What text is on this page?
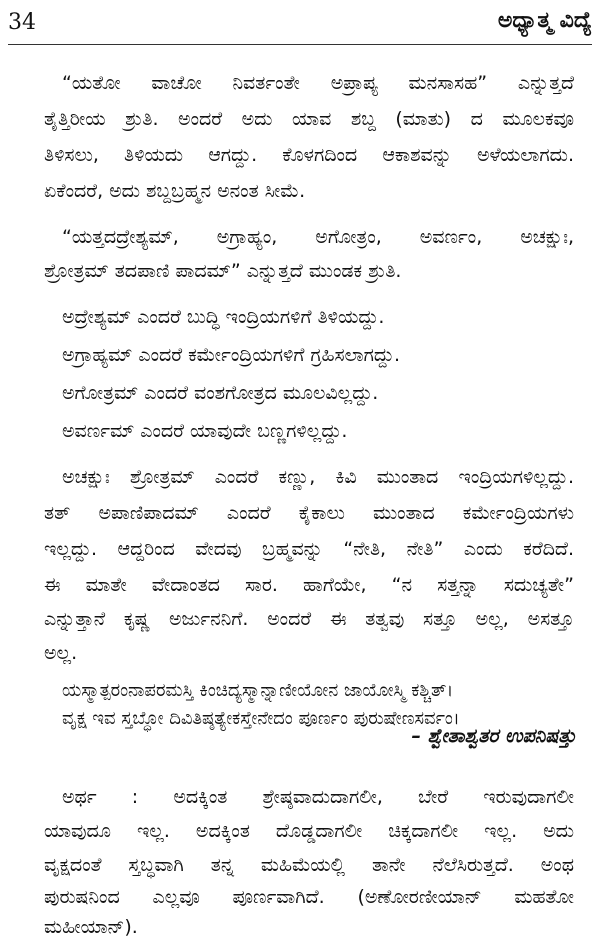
34	ಅಧ್ಯಾತ್ಮ ವಿದ್ಯೆ
“ಯತೋ ವಾಚೋ ನಿವರ್ತಂತೇ ಅಪ್ರಾಪ್ಯ ಮನಸಾಸಹ” ಎನ್ನುತ್ತದೆ
ತೈತ್ತಿರೀಯ ಶ್ರುತಿ. ಅಂದರೆ ಅದು ಯಾವ ಶಬ್ದ (ಮಾತು) ದ ಮೂಲಕವೂ
ತಿಳಿಸಲು, ತಿಳಿಯದು ಆಗದ್ದು. ಕೊಳಗದಿಂದ ಆಕಾಶವನ್ನು ಅಳೆಯಲಾಗದು.
ಏಕೆಂದರೆ, ಅದು ಶಬ್ದಬ್ರಹ್ಮನ ಅನಂತ ಸೀಮೆ.
“ಯತ್ತದದ್ರೇಶ್ಯಮ್, ಅಗ್ರಾಹ್ಯಂ, ಅಗೋತ್ರಂ, ಅವರ್ಣಂ, ಅಚಕ್ಷುಃ,
ಶ್ರೋತ್ರಮ್ ತದಪಾಣಿ ಪಾದಮ್” ಎನ್ನುತ್ತದೆ ಮುಂಡಕ ಶ್ರುತಿ.
ಅದ್ರೇಶ್ಯಮ್ ಎಂದರೆ ಬುದ್ಧಿ ಇಂದ್ರಿಯಗಳಿಗೆ ತಿಳಿಯದ್ದು.
ಅಗ್ರಾಹ್ಯಮ್ ಎಂದರೆ ಕರ್ಮೇಂದ್ರಿಯಗಳಿಗೆ ಗ್ರಹಿಸಲಾಗದ್ದು.
ಅಗೋತ್ರಮ್ ಎಂದರೆ ವಂಶಗೋತ್ರದ ಮೂಲವಿಲ್ಲದ್ದು.
ಅವರ್ಣಮ್ ಎಂದರೆ ಯಾವುದೇ ಬಣ್ಣಗಳಿಲ್ಲದ್ದು.
ಅಚಕ್ಷುಃ ಶ್ರೋತ್ರಮ್ ಎಂದರೆ ಕಣ್ಣು, ಕಿವಿ ಮುಂತಾದ ಇಂದ್ರಿಯಗಳಿಲ್ಲದ್ದು.
ತತ್ ಅಪಾಣಿಪಾದಮ್ ಎಂದರೆ ಕೈಕಾಲು ಮುಂತಾದ ಕರ್ಮೇಂದ್ರಿಯಗಳು
ಇಲ್ಲದ್ದು. ಆದ್ದರಿಂದ ವೇದವು ಬ್ರಹ್ಮವನ್ನು “ನೇತಿ, ನೇತಿ” ಎಂದು ಕರೆದಿದೆ.
ಈ ಮಾತೇ ವೇದಾಂತದ ಸಾರ. ಹಾಗೆಯೇ, “ನ ಸತ್ತನ್ನಾ ಸದುಚ್ಯತೇ”
ಎನ್ನುತ್ತಾನೆ ಕೃಷ್ಣ ಅರ್ಜುನನಿಗೆ. ಅಂದರೆ ಈ ತತ್ವವು ಸತ್ತೂ ಅಲ್ಲ, ಅಸತ್ತೂ
ಅಲ್ಲ.
ಯಸ್ಮಾತ್ಪರಂನಾಪರಮಸ್ತಿ ಕಿಂಚಿದ್ಯಸ್ಮಾನ್ನಾಣೀಯೋನ ಜಾಯೋಸ್ಮಿ ಕಶ್ಚಿತ್।
ವೃಕ್ಷ ಇವ ಸ್ತಬ್ಧೋ ದಿವಿತಿಷ್ಠತ್ಯೇಕಸ್ತೇನೇದಂ ಪೂರ್ಣಂ ಪುರುಷೇಣಸರ್ವಂ।
– ಶ್ವೇತಾಶ್ವತರ ಉಪನಿಷತ್ತು
ಅರ್ಥ : ಅದಕ್ಕಿಂತ ಶ್ರೇಷ್ಠವಾದುದಾಗಲೀ, ಬೇರೆ ಇರುವುದಾಗಲೀ
ಯಾವುದೂ ಇಲ್ಲ. ಅದಕ್ಕಿಂತ ದೊಡ್ಡದಾಗಲೀ ಚಿಕ್ಕದಾಗಲೀ ಇಲ್ಲ. ಅದು
ವೃಕ್ಷದಂತೆ ಸ್ತಬ್ಧವಾಗಿ ತನ್ನ ಮಹಿಮೆಯಲ್ಲಿ ತಾನೇ ನೆಲೆಸಿರುತ್ತದೆ. ಅಂಥ
ಪುರುಷನಿಂದ ಎಲ್ಲವೂ ಪೂರ್ಣವಾಗಿದೆ. (ಅಣೋರಣೀಯಾನ್ ಮಹತೋ
ಮಹೀಯಾನ್).
